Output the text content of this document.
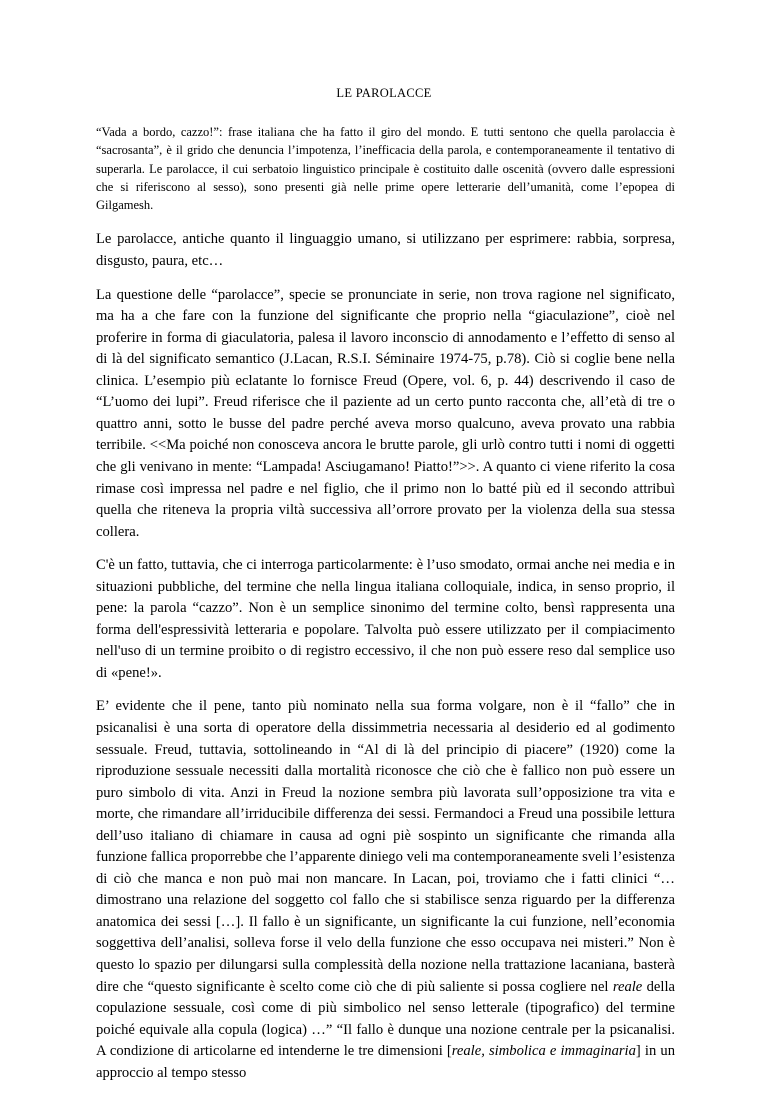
LE PAROLACCE

“Vada a bordo, cazzo!”: frase italiana che ha fatto il giro del mondo. E tutti sentono che quella parolaccia è “sacrosanta”, è il grido che denuncia l’impotenza, l’inefficacia della parola, e contemporaneamente il tentativo di superarla. Le parolacce, il cui serbatoio linguistico principale è costituito dalle oscenità (ovvero dalle espressioni che si riferiscono al sesso), sono presenti già nelle prime opere letterarie dell’umanità, come l’epopea di Gilgamesh.

Le parolacce, antiche quanto il linguaggio umano, si utilizzano per esprimere: rabbia, sorpresa, disgusto, paura, etc…

La questione delle “parolacce”, specie se pronunciate in serie, non trova ragione nel significato, ma ha a che fare con la funzione del significante che proprio nella “giaculazione”, cioè nel proferire in forma di giaculatoria, palesa il lavoro inconscio di annodamento e l’effetto di senso al di là del significato semantico (J.Lacan, R.S.I. Séminaire 1974-75, p.78). Ciò si coglie bene nella clinica. L’esempio più eclatante lo fornisce Freud (Opere, vol. 6, p. 44) descrivendo il caso de “L’uomo dei lupi”. Freud riferisce che il paziente ad un certo punto racconta che, all’età di tre o quattro anni, sotto le busse del padre perché aveva morso qualcuno, aveva provato una rabbia terribile. <<Ma poiché non conosceva ancora le brutte parole, gli urlò contro tutti i nomi di oggetti che gli venivano in mente: “Lampada! Asciugamano! Piatto!”>>. A quanto ci viene riferito la cosa rimase così impressa nel padre e nel figlio, che il primo non lo batté più ed il secondo attribuì quella che riteneva la propria viltà successiva all’orrore provato per la violenza della sua stessa collera.

C'è un fatto, tuttavia, che ci interroga particolarmente: è l’uso smodato, ormai anche nei media e in situazioni pubbliche, del termine che nella lingua italiana colloquiale, indica, in senso proprio, il pene: la parola “cazzo”. Non è un semplice sinonimo del termine colto, bensì rappresenta una forma dell'espressività letteraria e popolare. Talvolta può essere utilizzato per il compiacimento nell'uso di un termine proibito o di registro eccessivo, il che non può essere reso dal semplice uso di «pene!».

E’ evidente che il pene, tanto più nominato nella sua forma volgare, non è il “fallo” che in psicanalisi è una sorta di operatore della dissimmetria necessaria al desiderio ed al godimento sessuale. Freud, tuttavia, sottolineando in “Al di là del principio di piacere” (1920) come la riproduzione sessuale necessiti dalla mortalità riconosce che ciò che è fallico non può essere un puro simbolo di vita. Anzi in Freud la nozione sembra più lavorata sull’opposizione tra vita e morte, che rimandare all’irriducibile differenza dei sessi. Fermandoci a Freud una possibile lettura dell’uso italiano di chiamare in causa ad ogni piè sospinto un significante che rimanda alla funzione fallica proporrebbe che l’apparente diniego veli ma contemporaneamente sveli l’esistenza di ciò che manca e non può mai non mancare. In Lacan, poi, troviamo che i fatti clinici “…dimostrano una relazione del soggetto col fallo che si stabilisce senza riguardo per la differenza anatomica dei sessi […]. Il fallo è un significante, un significante la cui funzione, nell’economia soggettiva dell’analisi, solleva forse il velo della funzione che esso occupava nei misteri.” Non è questo lo spazio per dilungarsi sulla complessità della nozione nella trattazione lacaniana, basterà dire che “questo significante è scelto come ciò che di più saliente si possa cogliere nel reale della copulazione sessuale, così come di più simbolico nel senso letterale (tipografico) del termine poiché equivale alla copula (logica) …” “Il fallo è dunque una nozione centrale per la psicanalisi. A condizione di articolarne ed intenderne le tre dimensioni [reale, simbolica e immaginaria] in un approccio al tempo stesso
